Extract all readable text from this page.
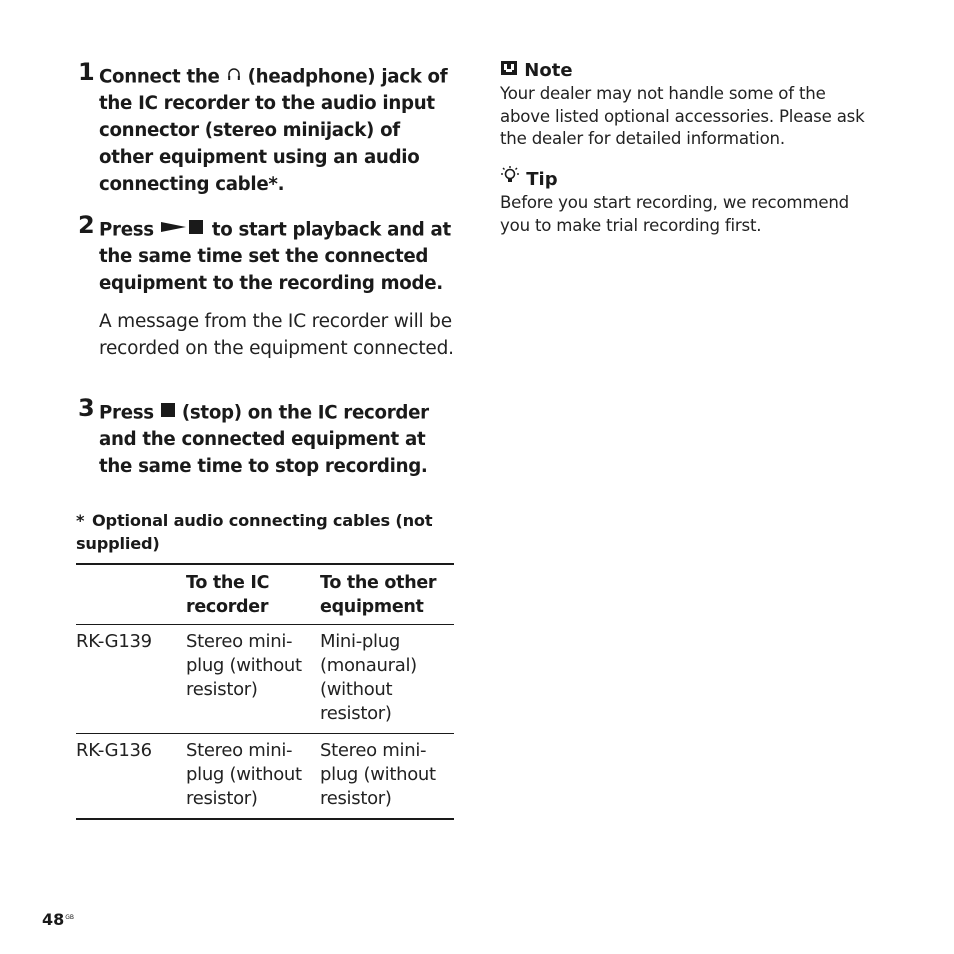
1 Connect the (headphone) jack of the IC recorder to the audio input connector (stereo minijack) of other equipment using an audio connecting cable*.
2 Press	to start playback and at the same time set the connected equipment to the recording mode.
A message from the IC recorder will be recorded on the equipment connected.
3 Press (stop) on the IC recorder and the connected equipment at the same time to stop recording.
* Optional audio connecting cables (not supplied)
	To the IC recorder	To the other equipment
RK-G139	Stereo mini-plug (without resistor)	Mini-plug (monaural) (without resistor)
RK-G136	Stereo mini-plug (without resistor)	Stereo mini-plug (without resistor)
Note
Your dealer may not handle some of the above listed optional accessories. Please ask the dealer for detailed information.
Tip
Before you start recording, we recommend you to make trial recording first.
$48^{GB}$
